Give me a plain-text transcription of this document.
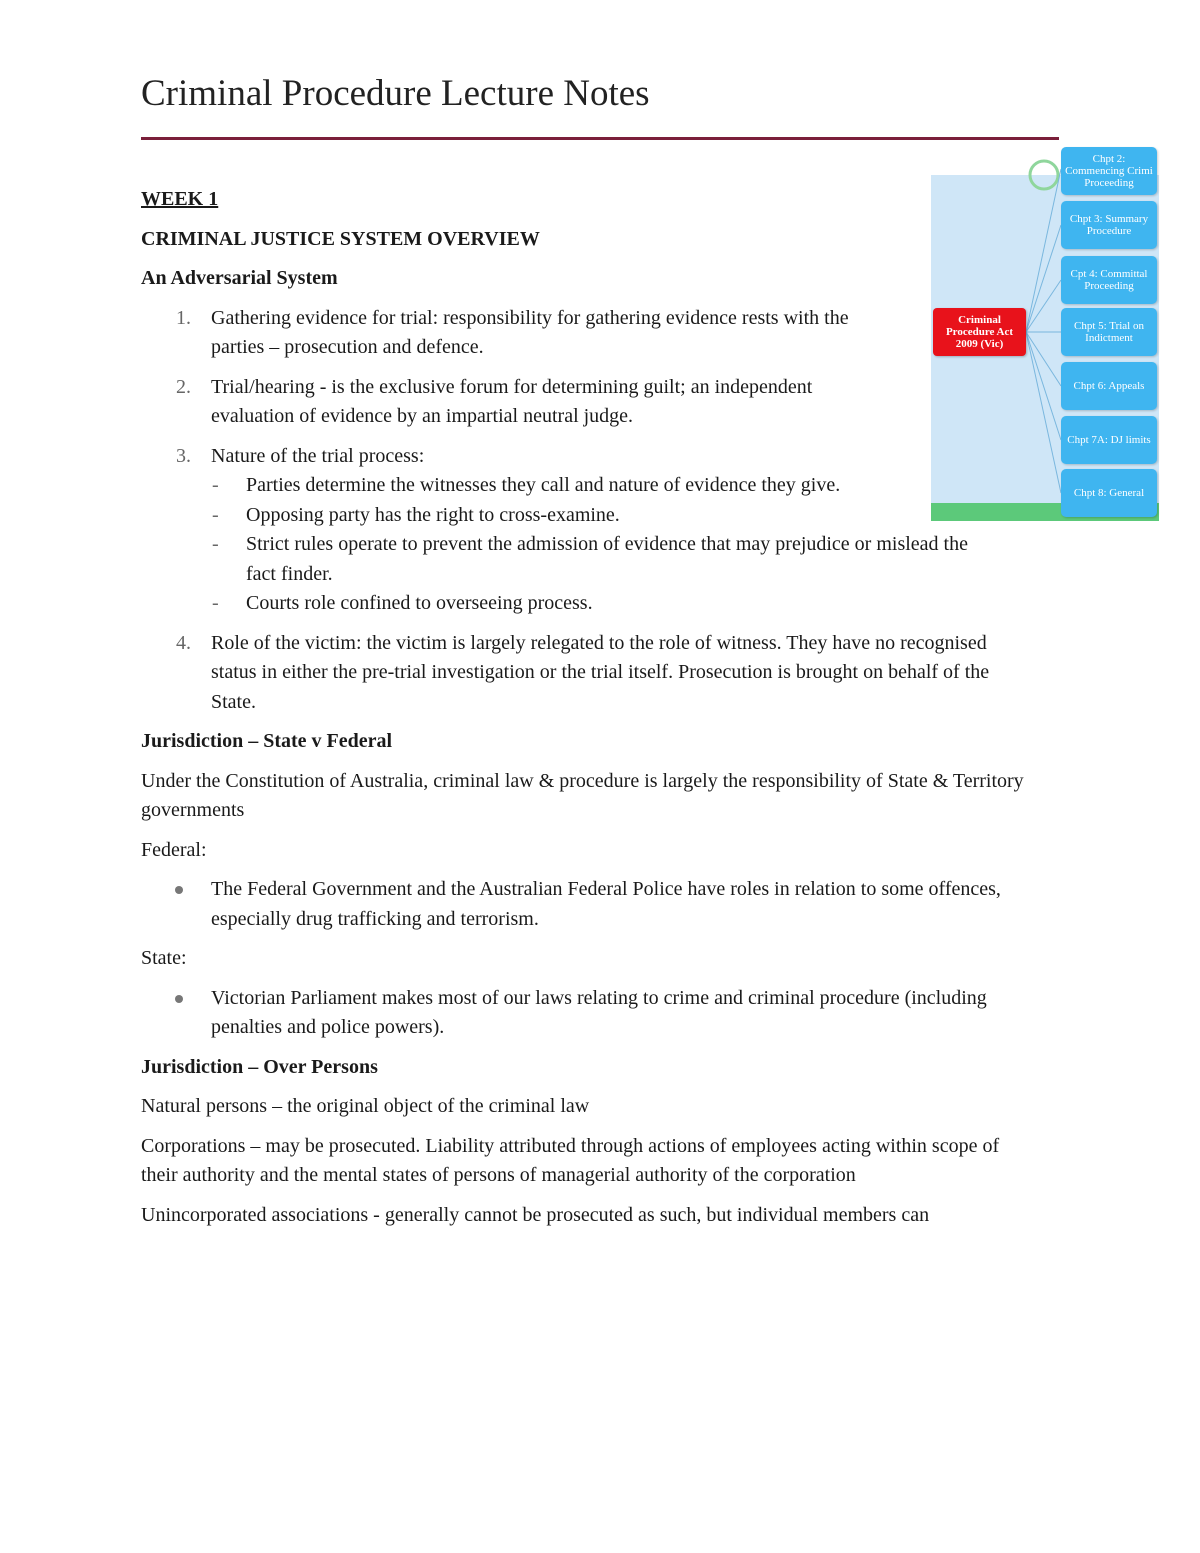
Criminal Procedure Lecture Notes
Criminal Procedure Act 2009 (Vic)
Chpt 2: Commencing Crimi Proceeding
Chpt 3: Summary Procedure
Cpt 4: Committal Proceeding
Chpt 5: Trial on Indictment
Chpt 6: Appeals
Chpt 7A: DJ limits
Chpt 8: General
WEEK 1
CRIMINAL JUSTICE SYSTEM OVERVIEW
An Adversarial System
1. Gathering evidence for trial: responsibility for gathering evidence rests with the parties – prosecution and defence.
2. Trial/hearing - is the exclusive forum for determining guilt; an independent evaluation of evidence by an impartial neutral judge.
3. Nature of the trial process:
- Parties determine the witnesses they call and nature of evidence they give.
- Opposing party has the right to cross-examine.
- Strict rules operate to prevent the admission of evidence that may prejudice or mislead the fact finder.
- Courts role confined to overseeing process.
4. Role of the victim: the victim is largely relegated to the role of witness. They have no recognised status in either the pre-trial investigation or the trial itself. Prosecution is brought on behalf of the State.
Jurisdiction – State v Federal
Under the Constitution of Australia, criminal law & procedure is largely the responsibility of State & Territory governments
Federal:
The Federal Government and the Australian Federal Police have roles in relation to some offences, especially drug trafficking and terrorism.
State:
Victorian Parliament makes most of our laws relating to crime and criminal procedure (including penalties and police powers).
Jurisdiction – Over Persons
Natural persons – the original object of the criminal law
Corporations – may be prosecuted. Liability attributed through actions of employees acting within scope of their authority and the mental states of persons of managerial authority of the corporation
Unincorporated associations - generally cannot be prosecuted as such, but individual members can
